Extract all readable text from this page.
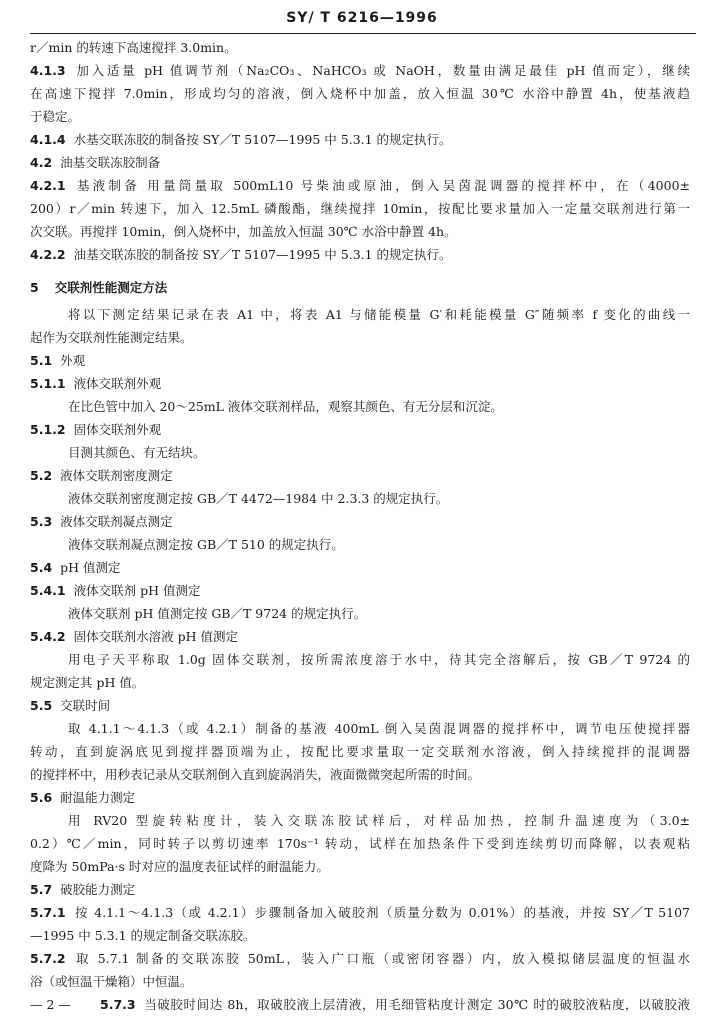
SY/ T 6216—1996
r／min 的转速下高速搅拌 3.0min。
4.1.3 加入适量 pH 值调节剂（Na₂CO₃、NaHCO₃ 或 NaOH，数量由满足最佳 pH 值而定），继续
在高速下搅拌 7.0min，形成均匀的溶液，倒入烧杯中加盖，放入恒温 30℃ 水浴中静置 4h，使基液趋
于稳定。
4.1.4 水基交联冻胶的制备按 SY／T 5107—1995 中 5.3.1 的规定执行。
4.2 油基交联冻胶制备
4.2.1 基液制备 用量筒量取 500mL10 号柴油或原油，倒入吴茵混调器的搅拌杯中，在（4000±
200）r／min 转速下，加入 12.5mL 磷酸酯，继续搅拌 10min，按配比要求量加入一定量交联剂进行第一
次交联。再搅拌 10min，倒入烧杯中，加盖放入恒温 30℃ 水浴中静置 4h。
4.2.2 油基交联冻胶的制备按 SY／T 5107—1995 中 5.3.1 的规定执行。
5 交联剂性能测定方法
将以下测定结果记录在表 A1 中，将表 A1 与储能模量 G′和耗能模量 G″随频率 f 变化的曲线一
起作为交联剂性能测定结果。
5.1 外观
5.1.1 液体交联剂外观
在比色管中加入 20～25mL 液体交联剂样品，观察其颜色、有无分层和沉淀。
5.1.2 固体交联剂外观
目测其颜色、有无结块。
5.2 液体交联剂密度测定
液体交联剂密度测定按 GB／T 4472—1984 中 2.3.3 的规定执行。
5.3 液体交联剂凝点测定
液体交联剂凝点测定按 GB／T 510 的规定执行。
5.4 pH 值测定
5.4.1 液体交联剂 pH 值测定
液体交联剂 pH 值测定按 GB／T 9724 的规定执行。
5.4.2 固体交联剂水溶液 pH 值测定
用电子天平称取 1.0g 固体交联剂，按所需浓度溶于水中，待其完全溶解后，按 GB／T 9724 的
规定测定其 pH 值。
5.5 交联时间
取 4.1.1～4.1.3（或 4.2.1）制备的基液 400mL 倒入吴茵混调器的搅拌杯中，调节电压使搅拌器
转动，直到旋涡底见到搅拌器顶端为止，按配比要求量取一定交联剂水溶液，倒入持续搅拌的混调器
的搅拌杯中，用秒表记录从交联剂倒入直到旋涡消失，液面微微突起所需的时间。
5.6 耐温能力测定
用 RV20 型旋转粘度计，装入交联冻胶试样后，对样品加热，控制升温速度为（3.0±
0.2）℃／min，同时转子以剪切速率 170s⁻¹ 转动，试样在加热条件下受到连续剪切而降解，以表观粘
度降为 50mPa·s 时对应的温度表征试样的耐温能力。
5.7 破胶能力测定
5.7.1 按 4.1.1～4.1.3（或 4.2.1）步骤制备加入破胶剂（质量分数为 0.01%）的基液，并按 SY／T 5107
—1995 中 5.3.1 的规定制备交联冻胶。
5.7.2 取 5.7.1 制备的交联冻胶 50mL，装入广口瓶（或密闭容器）内，放入模拟储层温度的恒温水
浴（或恒温干燥箱）中恒温。
5.7.3 当破胶时间达 8h，取破胶液上层清液，用毛细管粘度计测定 30℃ 时的破胶液粘度，以破胶液
— 2 —
